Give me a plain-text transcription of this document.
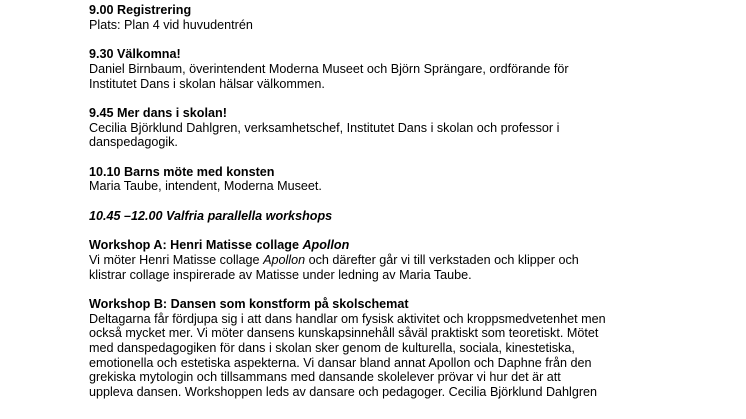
9.00 Registrering
Plats: Plan 4 vid huvudentrén
9.30 Välkomna!
Daniel Birnbaum, överintendent Moderna Museet och Björn Sprängare, ordförande för
Institutet Dans i skolan hälsar välkommen.
9.45 Mer dans i skolan!
Cecilia Björklund Dahlgren, verksamhetschef, Institutet Dans i skolan och professor i
danspedagogik.
10.10 Barns möte med konsten
Maria Taube, intendent, Moderna Museet.
10.45 –12.00 Valfria parallella workshops
Workshop A: Henri Matisse collage Apollon
Vi möter Henri Matisse collage Apollon och därefter går vi till verkstaden och klipper och
klistrar collage inspirerade av Matisse under ledning av Maria Taube.
Workshop B: Dansen som konstform på skolschemat
Deltagarna får fördjupa sig i att dans handlar om fysisk aktivitet och kroppsmedvetenhet men
också mycket mer. Vi möter dansens kunskapsinnehåll såväl praktiskt som teoretiskt. Mötet
med danspedagogiken för dans i skolan sker genom de kulturella, sociala, kinestetiska,
emotionella och estetiska aspekterna. Vi dansar bland annat Apollon och Daphne från den
grekiska mytologin och tillsammans med dansande skolelever prövar vi hur det är att
uppleva dansen. Workshoppen leds av dansare och pedagoger. Cecilia Björklund Dahlgren
